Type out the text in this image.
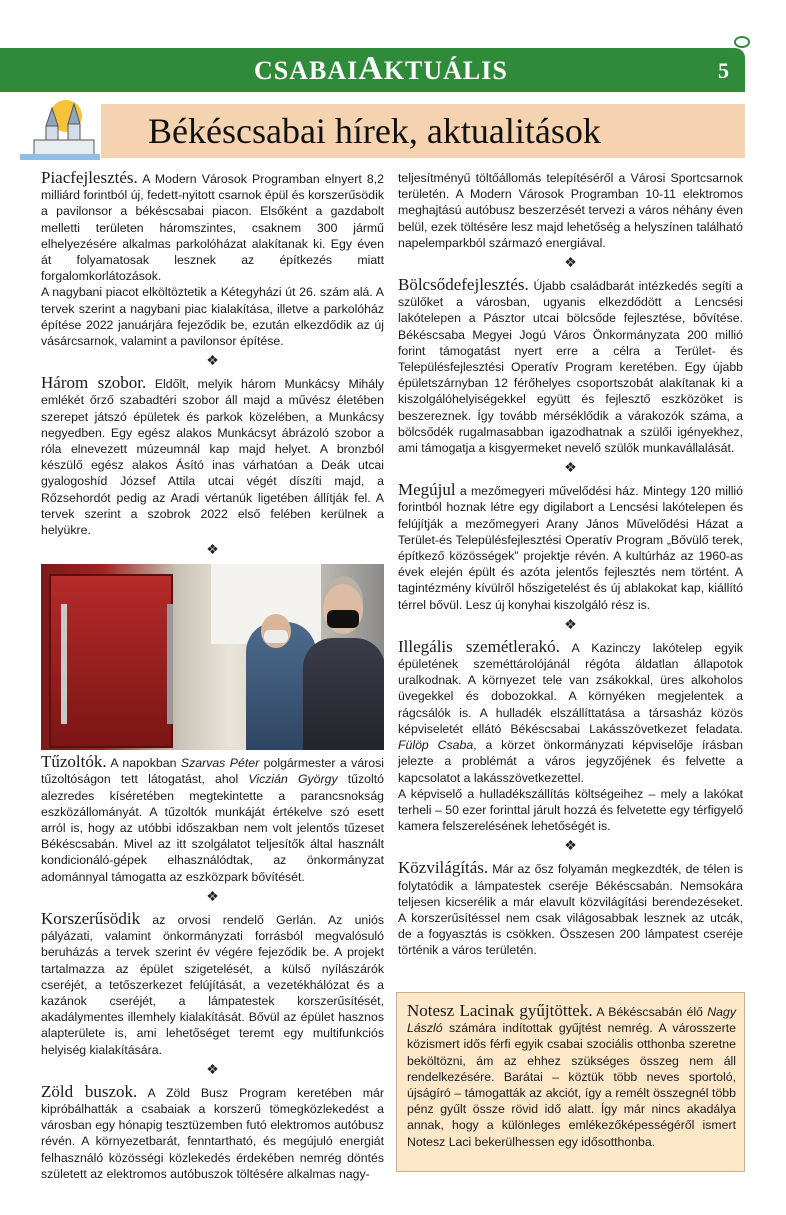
CSABAIAKTUÁLIS	5
Békéscsabai hírek, aktualitások

Piacfejlesztés. A Modern Városok Programban elnyert 8,2 milliárd forintból új, fedett-nyitott csarnok épül és korszerűsödik a pavilonsor a békéscsabai piacon. Elsőként a gazdabolt melletti területen háromszintes, csaknem 300 jármű elhelyezésére alkalmas parkolóházat alakítanak ki. Egy éven át folyamatosak lesznek az építkezés miatt forgalomkorlátozások.

A nagybani piacot elköltöztetik a Kétegyházi út 26. szám alá. A tervek szerint a nagybani piac kialakítása, illetve a parkolóház építése 2022 januárjára fejeződik be, ezután elkezdődik az új vásárcsarnok, valamint a pavilonsor építése.

❖

Három szobor. Eldőlt, melyik három Munkácsy Mihály emlékét őrző szabadtéri szobor áll majd a művész életében szerepet játszó épületek és parkok közelében, a Munkácsy negyedben. Egy egész alakos Munkácsyt ábrázoló szobor a róla elnevezett múzeumnál kap majd helyet. A bronzból készülő egész alakos Ásító inas várhatóan a Deák utcai gyalogoshíd József Attila utcai végét díszíti majd, a Rőzsehordót pedig az Aradi vértanúk ligetében állítják fel. A tervek szerint a szobrok 2022 első felében kerülnek a helyükre.

❖

Tűzoltók. A napokban Szarvas Péter polgármester a városi tűzoltóságon tett látogatást, ahol Viczián György tűzoltó alezredes kíséretében megtekintette a parancsnokság eszközállományát. A tűzoltók munkáját értékelve szó esett arról is, hogy az utóbbi időszakban nem volt jelentős tűzeset Békéscsabán. Mivel az itt szolgálatot teljesítők által használt kondicionáló-gépek elhasználódtak, az önkormányzat adománnyal támogatta az eszközpark bővítését.

❖

Korszerűsödik az orvosi rendelő Gerlán. Az uniós pályázati, valamint önkormányzati forrásból megvalósuló beruházás a tervek szerint év végére fejeződik be. A projekt tartalmazza az épület szigetelését, a külső nyílászárók cseréjét, a tetőszerkezet felújítását, a vezetékhálózat és a kazánok cseréjét, a lámpatestek korszerűsítését, akadálymentes illemhely kialakítását. Bővül az épület hasznos alapterülete is, ami lehetőséget teremt egy multifunkciós helyiség kialakítására.

❖

Zöld buszok. A Zöld Busz Program keretében már kipróbálhatták a csabaiak a korszerű tömegközlekedést a városban egy hónapig tesztüzemben futó elektromos autóbusz révén. A környezetbarát, fenntartható, és megújuló energiát felhasználó közösségi közlekedés érdekében nemrég döntés született az elektromos autóbuszok töltésére alkalmas nagy-

teljesítményű töltőállomás telepítéséről a Városi Sportcsarnok területén. A Modern Városok Programban 10-11 elektromos meghajtású autóbusz beszerzését tervezi a város néhány éven belül, ezek töltésére lesz majd lehetőség a helyszínen található napelemparkból származó energiával.

❖

Bölcsődefejlesztés. Újabb családbarát intézkedés segíti a szülőket a városban, ugyanis elkezdődött a Lencsési lakótelepen a Pásztor utcai bölcsőde fejlesztése, bővítése. Békéscsaba Megyei Jogú Város Önkormányzata 200 millió forint támogatást nyert erre a célra a Terület- és Településfejlesztési Operatív Program keretében. Egy újabb épületszárnyban 12 férőhelyes csoportszobát alakítanak ki a kiszolgálóhelyiségekkel együtt és fejlesztő eszközöket is beszereznek. Így tovább mérséklődik a várakozók száma, a bölcsődék rugalmasabban igazodhatnak a szülői igényekhez, ami támogatja a kisgyermeket nevelő szülők munkavállalását.

❖

Megújul a mezőmegyeri művelődési ház. Mintegy 120 millió forintból hoznak létre egy digilabort a Lencsési lakótelepen és felújítják a mezőmegyeri Arany János Művelődési Házat a Terület-és Településfejlesztési Operatív Program „Bővülő terek, építkező közösségek” projektje révén. A kultúrház az 1960-as évek elején épült és azóta jelentős fejlesztés nem történt. A tagintézmény kívülről hőszigetelést és új ablakokat kap, kiállító térrel bővül. Lesz új konyhai kiszolgáló rész is.

❖

Illegális szemétlerakó. A Kazinczy lakótelep egyik épületének szeméttárolójánál régóta áldatlan állapotok uralkodnak. A környezet tele van zsákokkal, üres alkoholos üvegekkel és dobozokkal. A környéken megjelentek a rágcsálók is. A hulladék elszállíttatása a társasház közös képviseletét ellátó Békéscsabai Lakásszövetkezet feladata. Fülöp Csaba, a körzet önkormányzati képviselője írásban jelezte a problémát a város jegyzőjének és felvette a kapcsolatot a lakásszövetkezettel.

A képviselő a hulladékszállítás költségeihez – mely a lakókat terheli – 50 ezer forinttal járult hozzá és felvetette egy térfigyelő kamera felszerelésének lehetőségét is.

❖

Közvilágítás. Már az ősz folyamán megkezdték, de télen is folytatódik a lámpatestek cseréje Békéscsabán. Nemsokára teljesen kicserélik a már elavult közvilágítási berendezéseket. A korszerűsítéssel nem csak világosabbak lesznek az utcák, de a fogyasztás is csökken. Összesen 200 lámpatest cseréje történik a város területén.

Notesz Lacinak gyűjtöttek. A Békéscsabán élő Nagy László számára indítottak gyűjtést nemrég. A városszerte közismert idős férfi egyik csabai szociális otthonba szeretne beköltözni, ám az ehhez szükséges összeg nem áll rendelkezésére. Barátai – köztük több neves sportoló, újságíró – támogatták az akciót, így a remélt összegnél több pénz gyűlt össze rövid idő alatt. Így már nincs akadálya annak, hogy a különleges emlékezőképességéről ismert Notesz Laci bekerülhessen egy idősotthonba.
